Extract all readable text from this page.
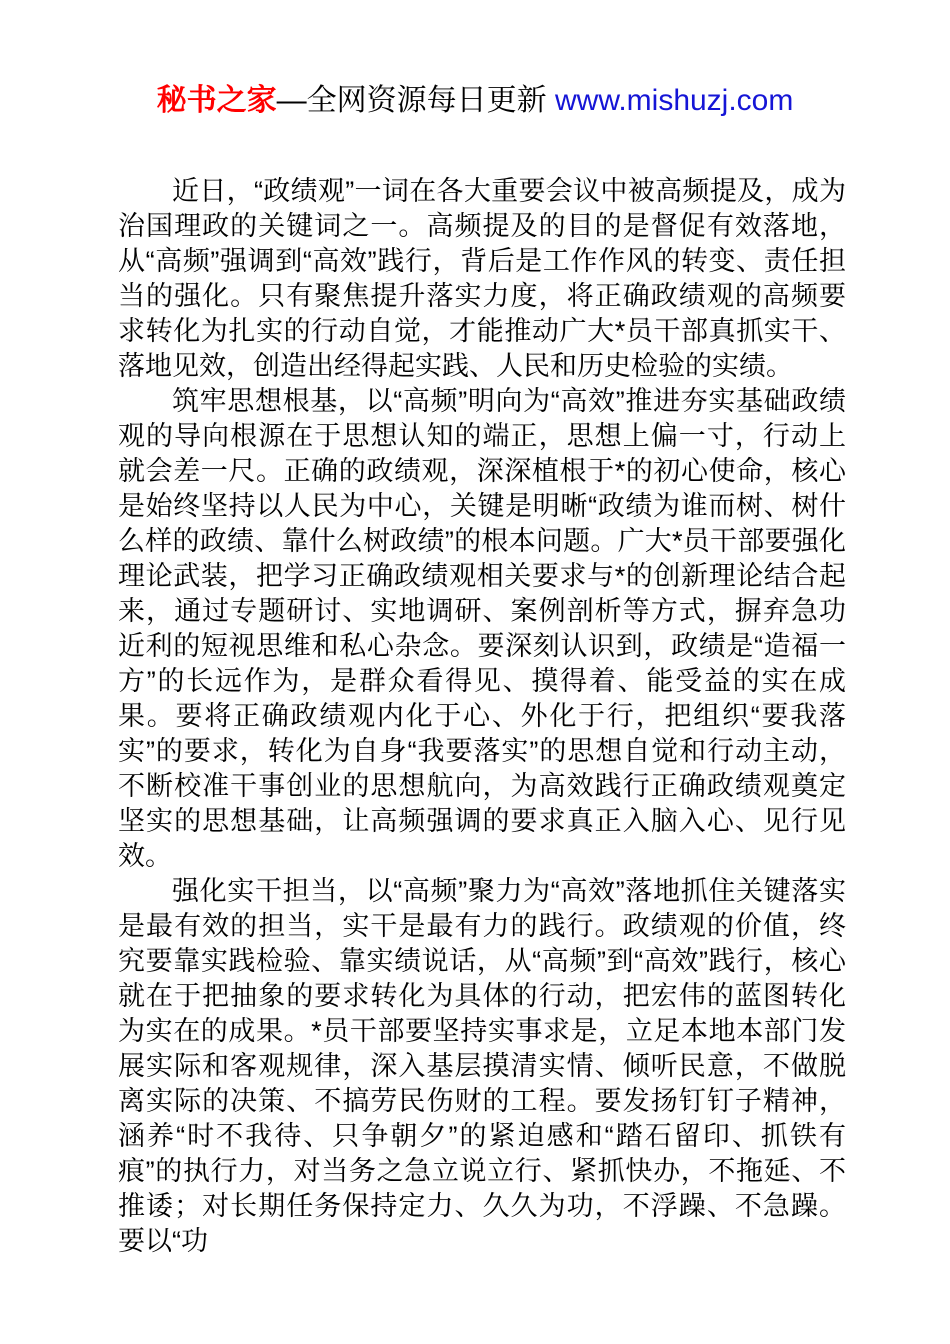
秘书之家—全网资源每日更新 www.mishuzj.com

近日，“政绩观”一词在各大重要会议中被高频提及，成为治国理政的关键词之一。高频提及的目的是督促有效落地，从“高频”强调到“高效”践行，背后是工作作风的转变、责任担当的强化。只有聚焦提升落实力度，将正确政绩观的高频要求转化为扎实的行动自觉，才能推动广大*员干部真抓实干、落地见效，创造出经得起实践、人民和历史检验的实绩。

筑牢思想根基，以“高频”明向为“高效”推进夯实基础政绩观的导向根源在于思想认知的端正，思想上偏一寸，行动上就会差一尺。正确的政绩观，深深植根于*的初心使命，核心是始终坚持以人民为中心，关键是明晰“政绩为谁而树、树什么样的政绩、靠什么树政绩”的根本问题。广大*员干部要强化理论武装，把学习正确政绩观相关要求与*的创新理论结合起来，通过专题研讨、实地调研、案例剖析等方式，摒弃急功近利的短视思维和私心杂念。要深刻认识到，政绩是“造福一方”的长远作为，是群众看得见、摸得着、能受益的实在成果。要将正确政绩观内化于心、外化于行，把组织“要我落实”的要求，转化为自身“我要落实”的思想自觉和行动主动，不断校准干事创业的思想航向，为高效践行正确政绩观奠定坚实的思想基础，让高频强调的要求真正入脑入心、见行见效。

强化实干担当，以“高频”聚力为“高效”落地抓住关键落实是最有效的担当，实干是最有力的践行。政绩观的价值，终究要靠实践检验、靠实绩说话，从“高频”到“高效”践行，核心就在于把抽象的要求转化为具体的行动，把宏伟的蓝图转化为实在的成果。*员干部要坚持实事求是，立足本地本部门发展实际和客观规律，深入基层摸清实情、倾听民意，不做脱离实际的决策、不搞劳民伤财的工程。要发扬钉钉子精神，涵养“时不我待、只争朝夕”的紧迫感和“踏石留印、抓铁有痕”的执行力，对当务之急立说立行、紧抓快办，不拖延、不推诿；对长期任务保持定力、久久为功，不浮躁、不急躁。要以“功
